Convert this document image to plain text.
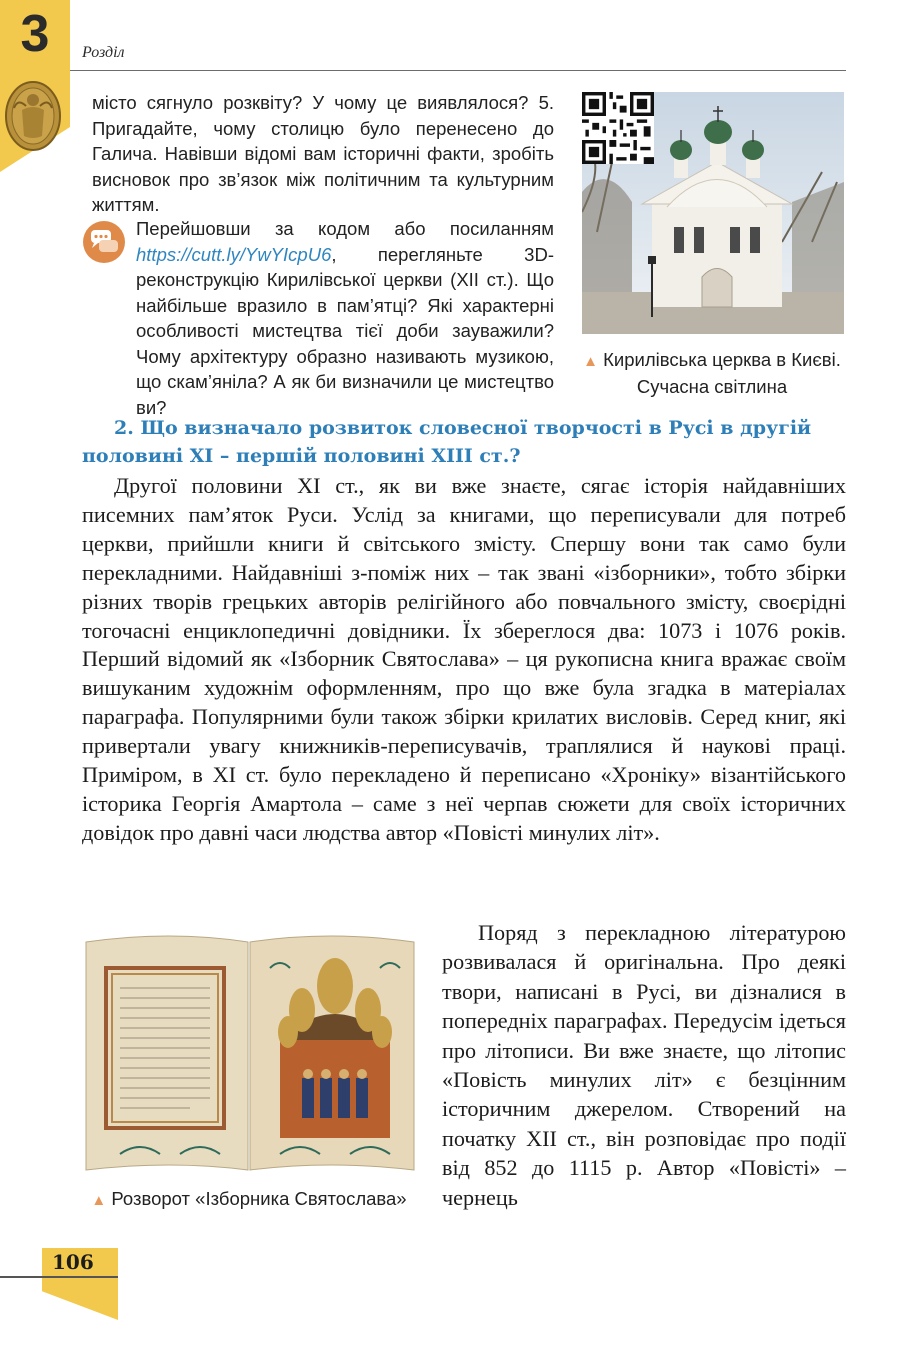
3	Розділ
місто сягнуло розквіту? У чому це виявлялося? 5. Пригадайте, чому столицю було перенесено до Галича. Навівши відомі вам історичні факти, зробіть висновок про зв’язок між політичним та культурним життям.
Перейшовши за кодом або посиланням https://cutt.ly/YwYIcpU6, перегляньте 3D-реконструкцію Кирилівської церкви (XII ст.). Що найбільше вразило в пам’ятці? Які характерні особливості мистецтва тієї доби зауважили? Чому архітектуру образно називають музикою, що скам’яніла? А як би визначили це мистецтво ви?
▲ Кирилівська церква в Києві. Сучасна світлина
2. Що визначало розвиток словесної творчості в Русі в другій половині XI – першій половині XIII ст.?
Другої половини XI ст., як ви вже знаєте, сягає історія найдавніших писемних пам’яток Руси. Услід за книгами, що переписували для потреб церкви, прийшли книги й світського змісту. Спершу вони так само були перекладними. Найдавніші з-поміж них – так звані «ізборники», тобто збірки різних творів грецьких авторів релігійного або повчального змісту, своєрідні тогочасні енциклопедичні довідники. Їх збереглося два: 1073 і 1076 років. Перший відомий як «Ізборник Святослава» – ця рукописна книга вражає своїм вишуканим художнім оформленням, про що вже була згадка в матеріалах параграфа. Популярними були також збірки крилатих висловів. Серед книг, які привертали увагу книжників-переписувачів, траплялися й наукові праці. Приміром, в XI ст. було перекладено й переписано «Хроніку» візантійського історика Георгія Амартола – саме з неї черпав сюжети для своїх історичних довідок про давні часи людства автор «Повісті минулих літ».
▲ Розворот «Ізборника Святослава»
Поряд з перекладною літературою розвивалася й оригінальна. Про деякі твори, написані в Русі, ви дізналися в попередніх параграфах. Передусім ідеться про літописи. Ви вже знаєте, що літопис «Повість минулих літ» є безцінним історичним джерелом. Створений на початку XII ст., він розповідає про події від 852 до 1115 р. Автор «Повісті» – чернець
106
